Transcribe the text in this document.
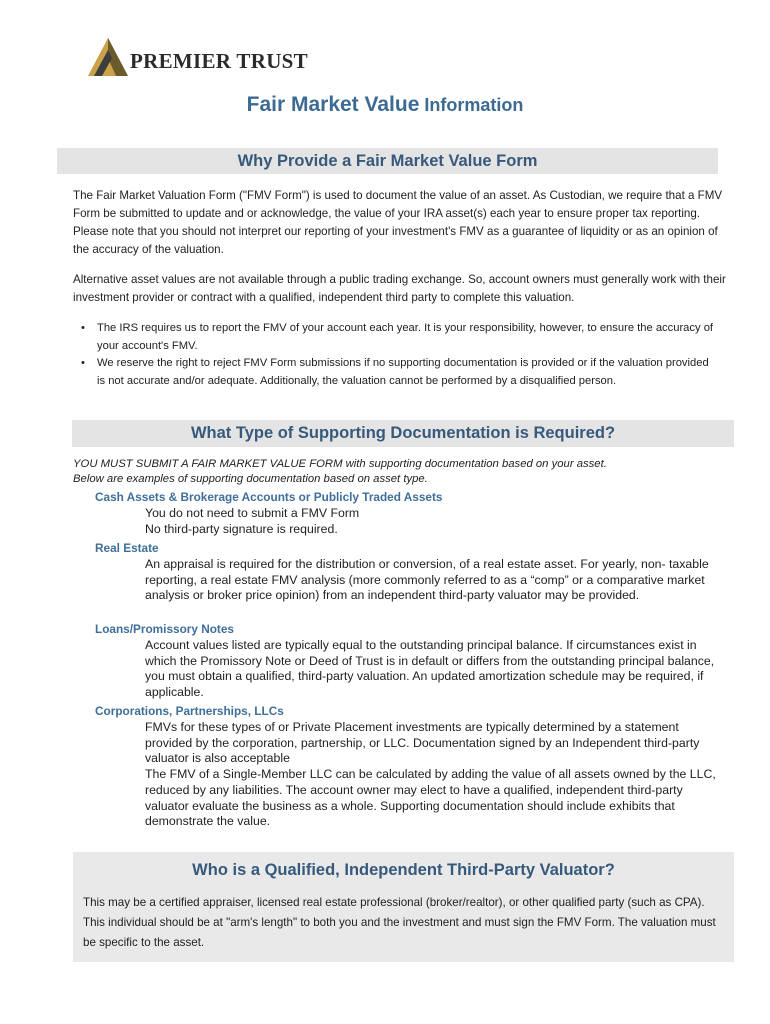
PREMIER TRUST
Fair Market Value Information
Why Provide a Fair Market Value Form
The Fair Market Valuation Form ("FMV Form") is used to document the value of an asset. As Custodian, we require that a FMV Form be submitted to update and or acknowledge, the value of your IRA asset(s) each year to ensure proper tax reporting. Please note that you should not interpret our reporting of your investment's FMV as a guarantee of liquidity or as an opinion of the accuracy of the valuation.
Alternative asset values are not available through a public trading exchange. So, account owners must generally work with their investment provider or contract with a qualified, independent third party to complete this valuation.
• The IRS requires us to report the FMV of your account each year. It is your responsibility, however, to ensure the accuracy of your account's FMV.
• We reserve the right to reject FMV Form submissions if no supporting documentation is provided or if the valuation provided is not accurate and/or adequate. Additionally, the valuation cannot be performed by a disqualified person.
What Type of Supporting Documentation is Required?
YOU MUST SUBMIT A FAIR MARKET VALUE FORM with supporting documentation based on your asset.
Below are examples of supporting documentation based on asset type.
Cash Assets & Brokerage Accounts or Publicly Traded Assets
You do not need to submit a FMV Form
No third-party signature is required.
Real Estate
An appraisal is required for the distribution or conversion, of a real estate asset. For yearly, non- taxable reporting, a real estate FMV analysis (more commonly referred to as a “comp” or a comparative market analysis or broker price opinion) from an independent third-party valuator may be provided.
Loans/Promissory Notes
Account values listed are typically equal to the outstanding principal balance. If circumstances exist in which the Promissory Note or Deed of Trust is in default or differs from the outstanding principal balance, you must obtain a qualified, third-party valuation. An updated amortization schedule may be required, if applicable.
Corporations, Partnerships, LLCs
FMVs for these types of or Private Placement investments are typically determined by a statement provided by the corporation, partnership, or LLC. Documentation signed by an Independent third-party valuator is also acceptable
The FMV of a Single-Member LLC can be calculated by adding the value of all assets owned by the LLC, reduced by any liabilities. The account owner may elect to have a qualified, independent third-party valuator evaluate the business as a whole. Supporting documentation should include exhibits that demonstrate the value.
Who is a Qualified, Independent Third-Party Valuator?
This may be a certified appraiser, licensed real estate professional (broker/realtor), or other qualified party (such as CPA). This individual should be at "arm's length" to both you and the investment and must sign the FMV Form. The valuation must be specific to the asset.
